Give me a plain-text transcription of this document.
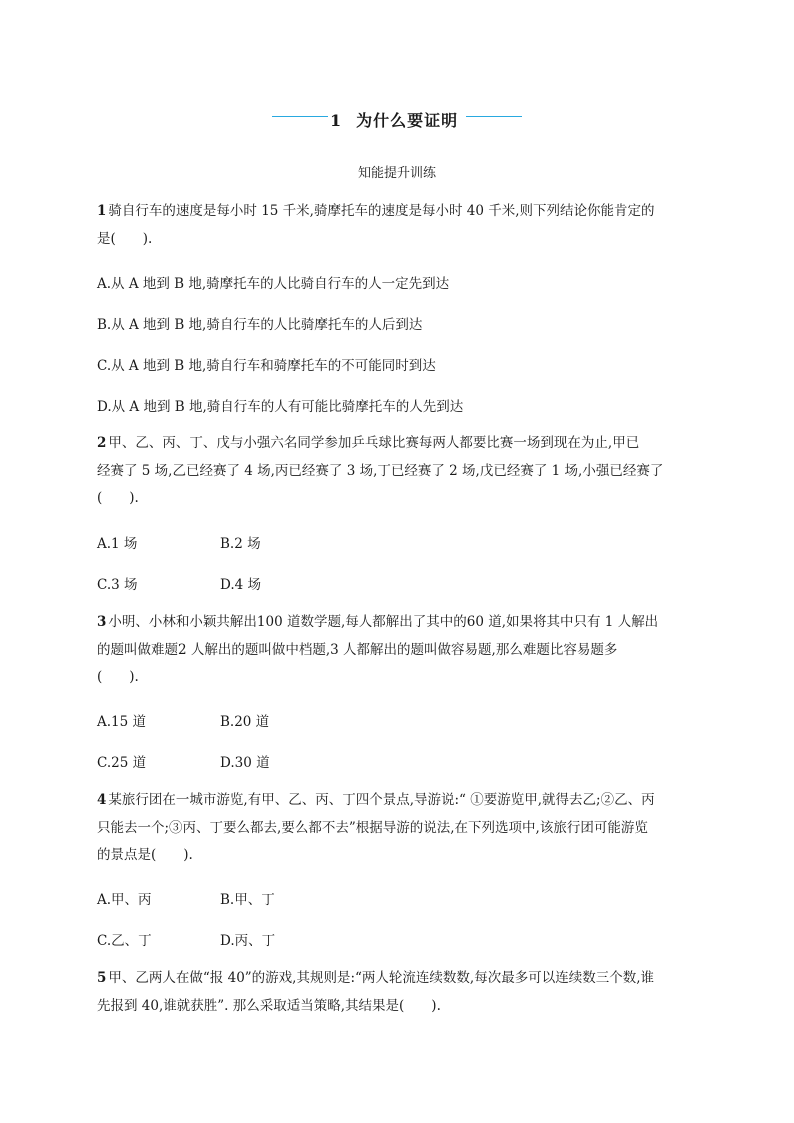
1 为什么要证明
知能提升训练
1 骑自行车的速度是每小时 15 千米,骑摩托车的速度是每小时 40 千米,则下列结论你能肯定的
是(　　).
A.从 A 地到 B 地,骑摩托车的人比骑自行车的人一定先到达
B.从 A 地到 B 地,骑自行车的人比骑摩托车的人后到达
C.从 A 地到 B 地,骑自行车和骑摩托车的不可能同时到达
D.从 A 地到 B 地,骑自行车的人有可能比骑摩托车的人先到达
2 甲、乙、丙、丁、戊与小强六名同学参加乒乓球比赛每两人都要比赛一场到现在为止,甲已
经赛了 5 场,乙已经赛了 4 场,丙已经赛了 3 场,丁已经赛了 2 场,戊已经赛了 1 场,小强已经赛了
(　　).
A.1 场	B.2 场
C.3 场	D.4 场
3 小明、小林和小颖共解出100 道数学题,每人都解出了其中的60 道,如果将其中只有 1 人解出
的题叫做难题2 人解出的题叫做中档题,3 人都解出的题叫做容易题,那么难题比容易题多
(　　).
A.15 道	B.20 道
C.25 道	D.30 道
4 某旅行团在一城市游览,有甲、乙、丙、丁四个景点,导游说:“ ①要游览甲,就得去乙;②乙、丙
只能去一个;③丙、丁要么都去,要么都不去”根据导游的说法,在下列选项中,该旅行团可能游览
的景点是(　　).
A.甲、丙	B.甲、丁
C.乙、丁	D.丙、丁
5 甲、乙两人在做“报 40”的游戏,其规则是:“两人轮流连续数数,每次最多可以连续数三个数,谁
先报到 40,谁就获胜”. 那么采取适当策略,其结果是(　　).
